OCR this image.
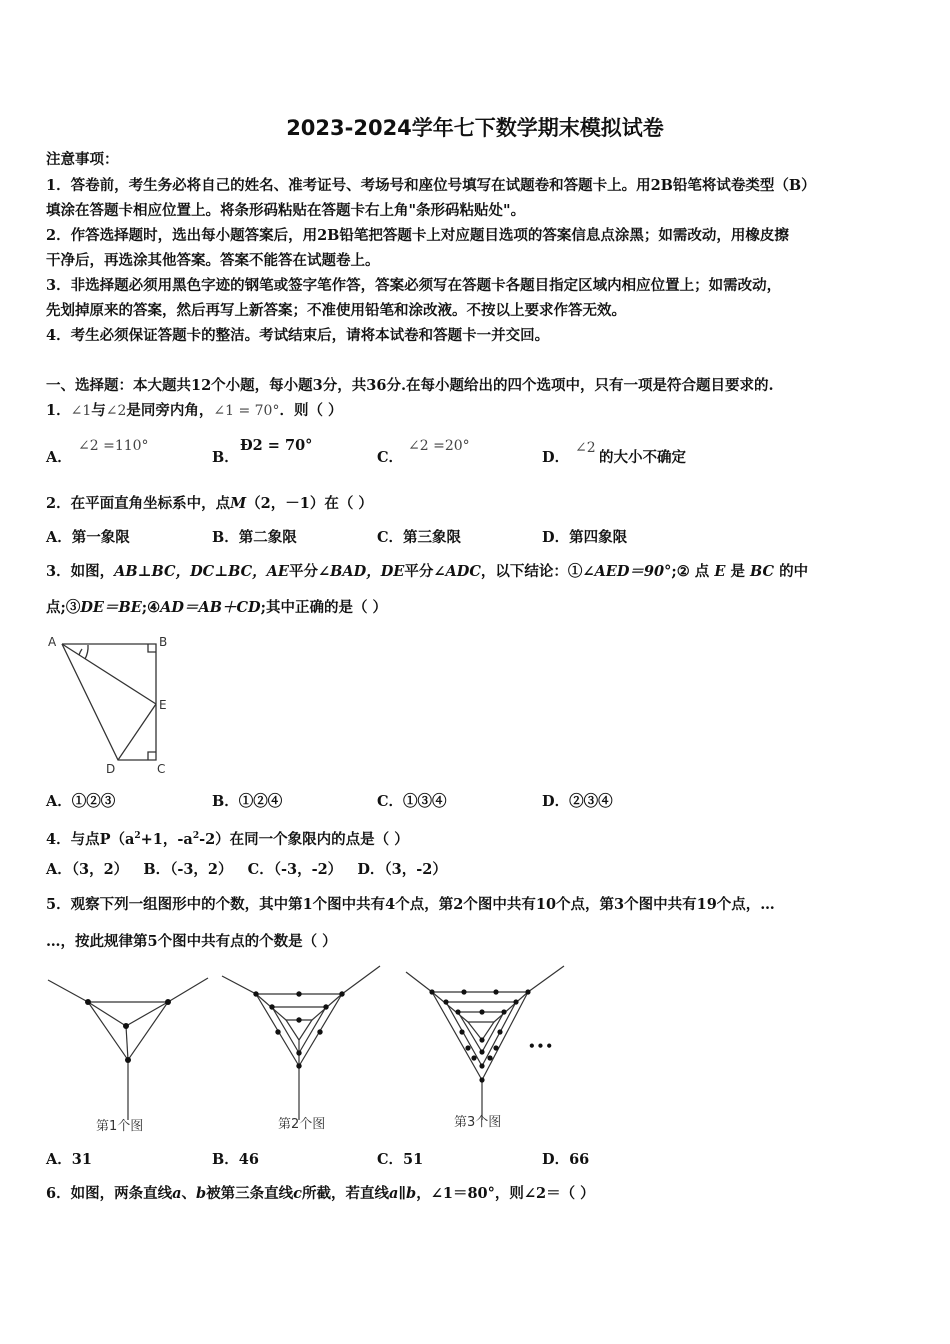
2023-2024学年七下数学期末模拟试卷
注意事项：
1．答卷前，考生务必将自己的姓名、准考证号、考场号和座位号填写在试题卷和答题卡上。用2B铅笔将试卷类型（B）
填涂在答题卡相应位置上。将条形码粘贴在答题卡右上角"条形码粘贴处"。
2．作答选择题时，选出每小题答案后，用2B铅笔把答题卡上对应题目选项的答案信息点涂黑；如需改动，用橡皮擦
干净后，再选涂其他答案。答案不能答在试题卷上。
3．非选择题必须用黑色字迹的钢笔或签字笔作答，答案必须写在答题卡各题目指定区域内相应位置上；如需改动，
先划掉原来的答案，然后再写上新答案；不准使用铅笔和涂改液。不按以上要求作答无效。
4．考生必须保证答题卡的整洁。考试结束后，请将本试卷和答题卡一并交回。
一、选择题：本大题共12个小题，每小题3分，共36分.在每小题给出的四个选项中，只有一项是符合题目要求的.
1．∠1与∠2是同旁内角，∠1 = 70°．则（ ）
A．
∠2 =110°
B．
Ð2 = 70°
C．
∠2 =20°
D．
∠2
的大小不确定
2．在平面直角坐标系中，点M（2，－1）在（ ）
A．第一象限	B．第二象限	C．第三象限	D．第四象限
3．如图，AB⊥BC，DC⊥BC，AE平分∠BAD，DE平分∠ADC，以下结论：①∠AED＝90°;② 点 E 是 BC 的中
点;③DE＝BE;④AD＝AB＋CD;其中正确的是（ ）
A	B
E
D	C
A．①②③	B．①②④	C．①③④	D．②③④
4．与点$P(a^2+1$，$-a^2-2$）在同一个象限内的点是（ ）
A．（3，2）   B．（-3，2）   C．（-3，-2）   D．（3，-2）
5．观察下列一组图形中的个数，其中第1个图中共有4个点，第2个图中共有10个点，第3个图中共有19个点，…
…，按此规律第5个图中共有点的个数是（ ）
第1个图	第2个图	第3个图
•••
A．31	B．46	C．51	D．66
6．如图，两条直线a、b被第三条直线c所截，若直线a∥b，∠1＝80°，则∠2＝（ ）
